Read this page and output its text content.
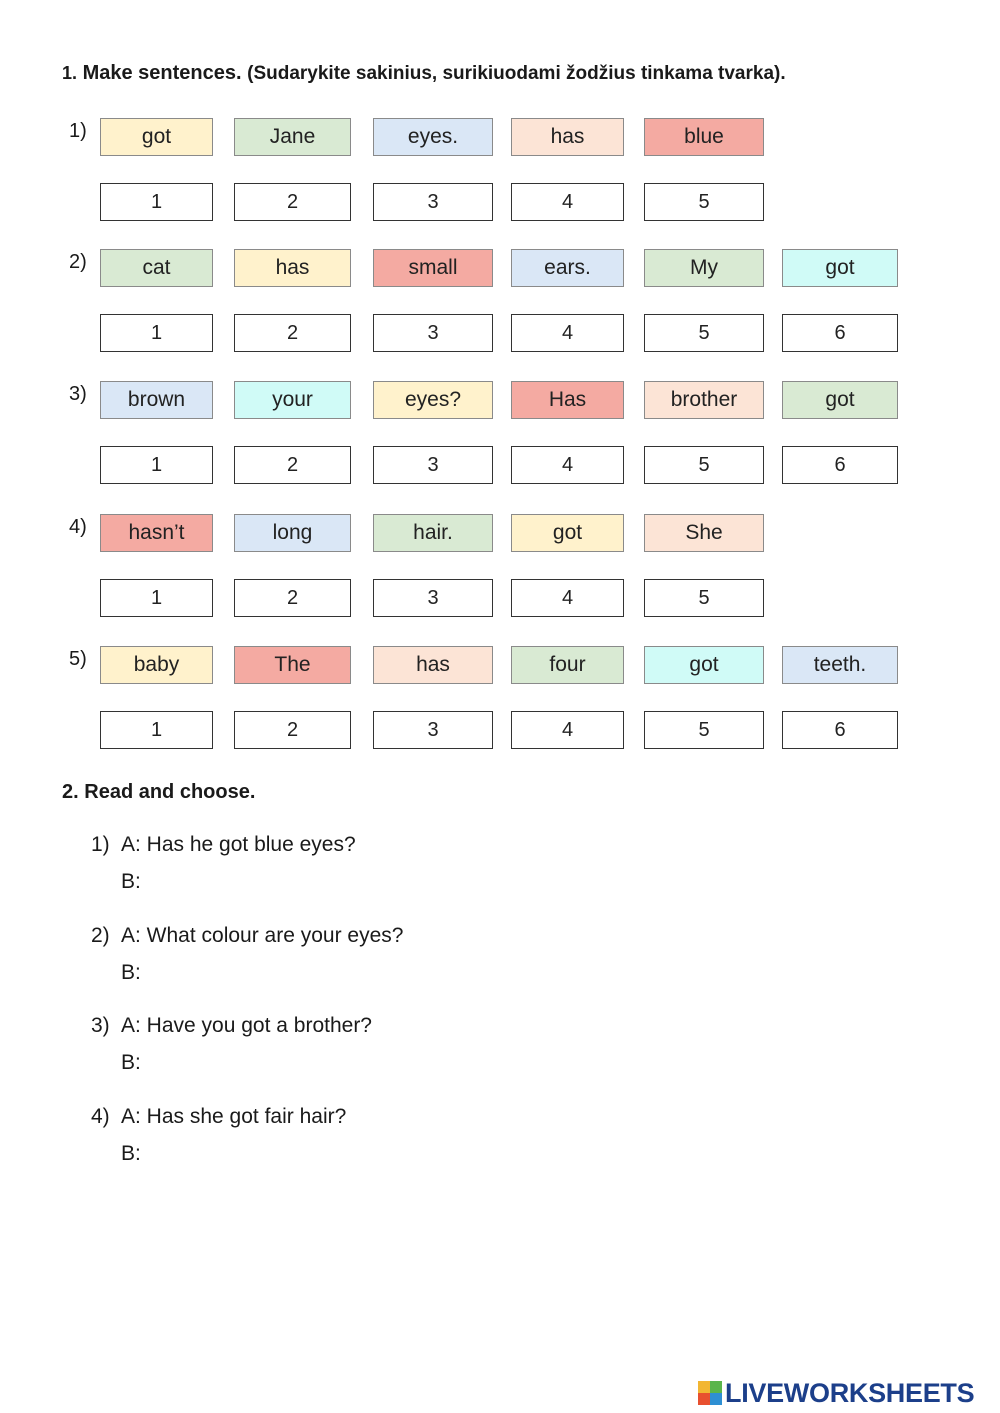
1. Make sentences. (Sudarykite sakinius, surikiuodami žodžius tinkama tvarka).
1)	got	Jane	eyes.	has	blue
1	2	3	4	5
2)	cat	has	small	ears.	My	got
1	2	3	4	5	6
3)	brown	your	eyes?	Has	brother	got
1	2	3	4	5	6
4)	hasn’t	long	hair.	got	She
1	2	3	4	5
5)	baby	The	has	four	got	teeth.
1	2	3	4	5	6
2. Read and choose.
1) A: Has he got blue eyes?
B:
2) A: What colour are your eyes?
B:
3) A: Have you got a brother?
B:
4) A: Has she got fair hair?
B:
LIVEWORKSHEETS
